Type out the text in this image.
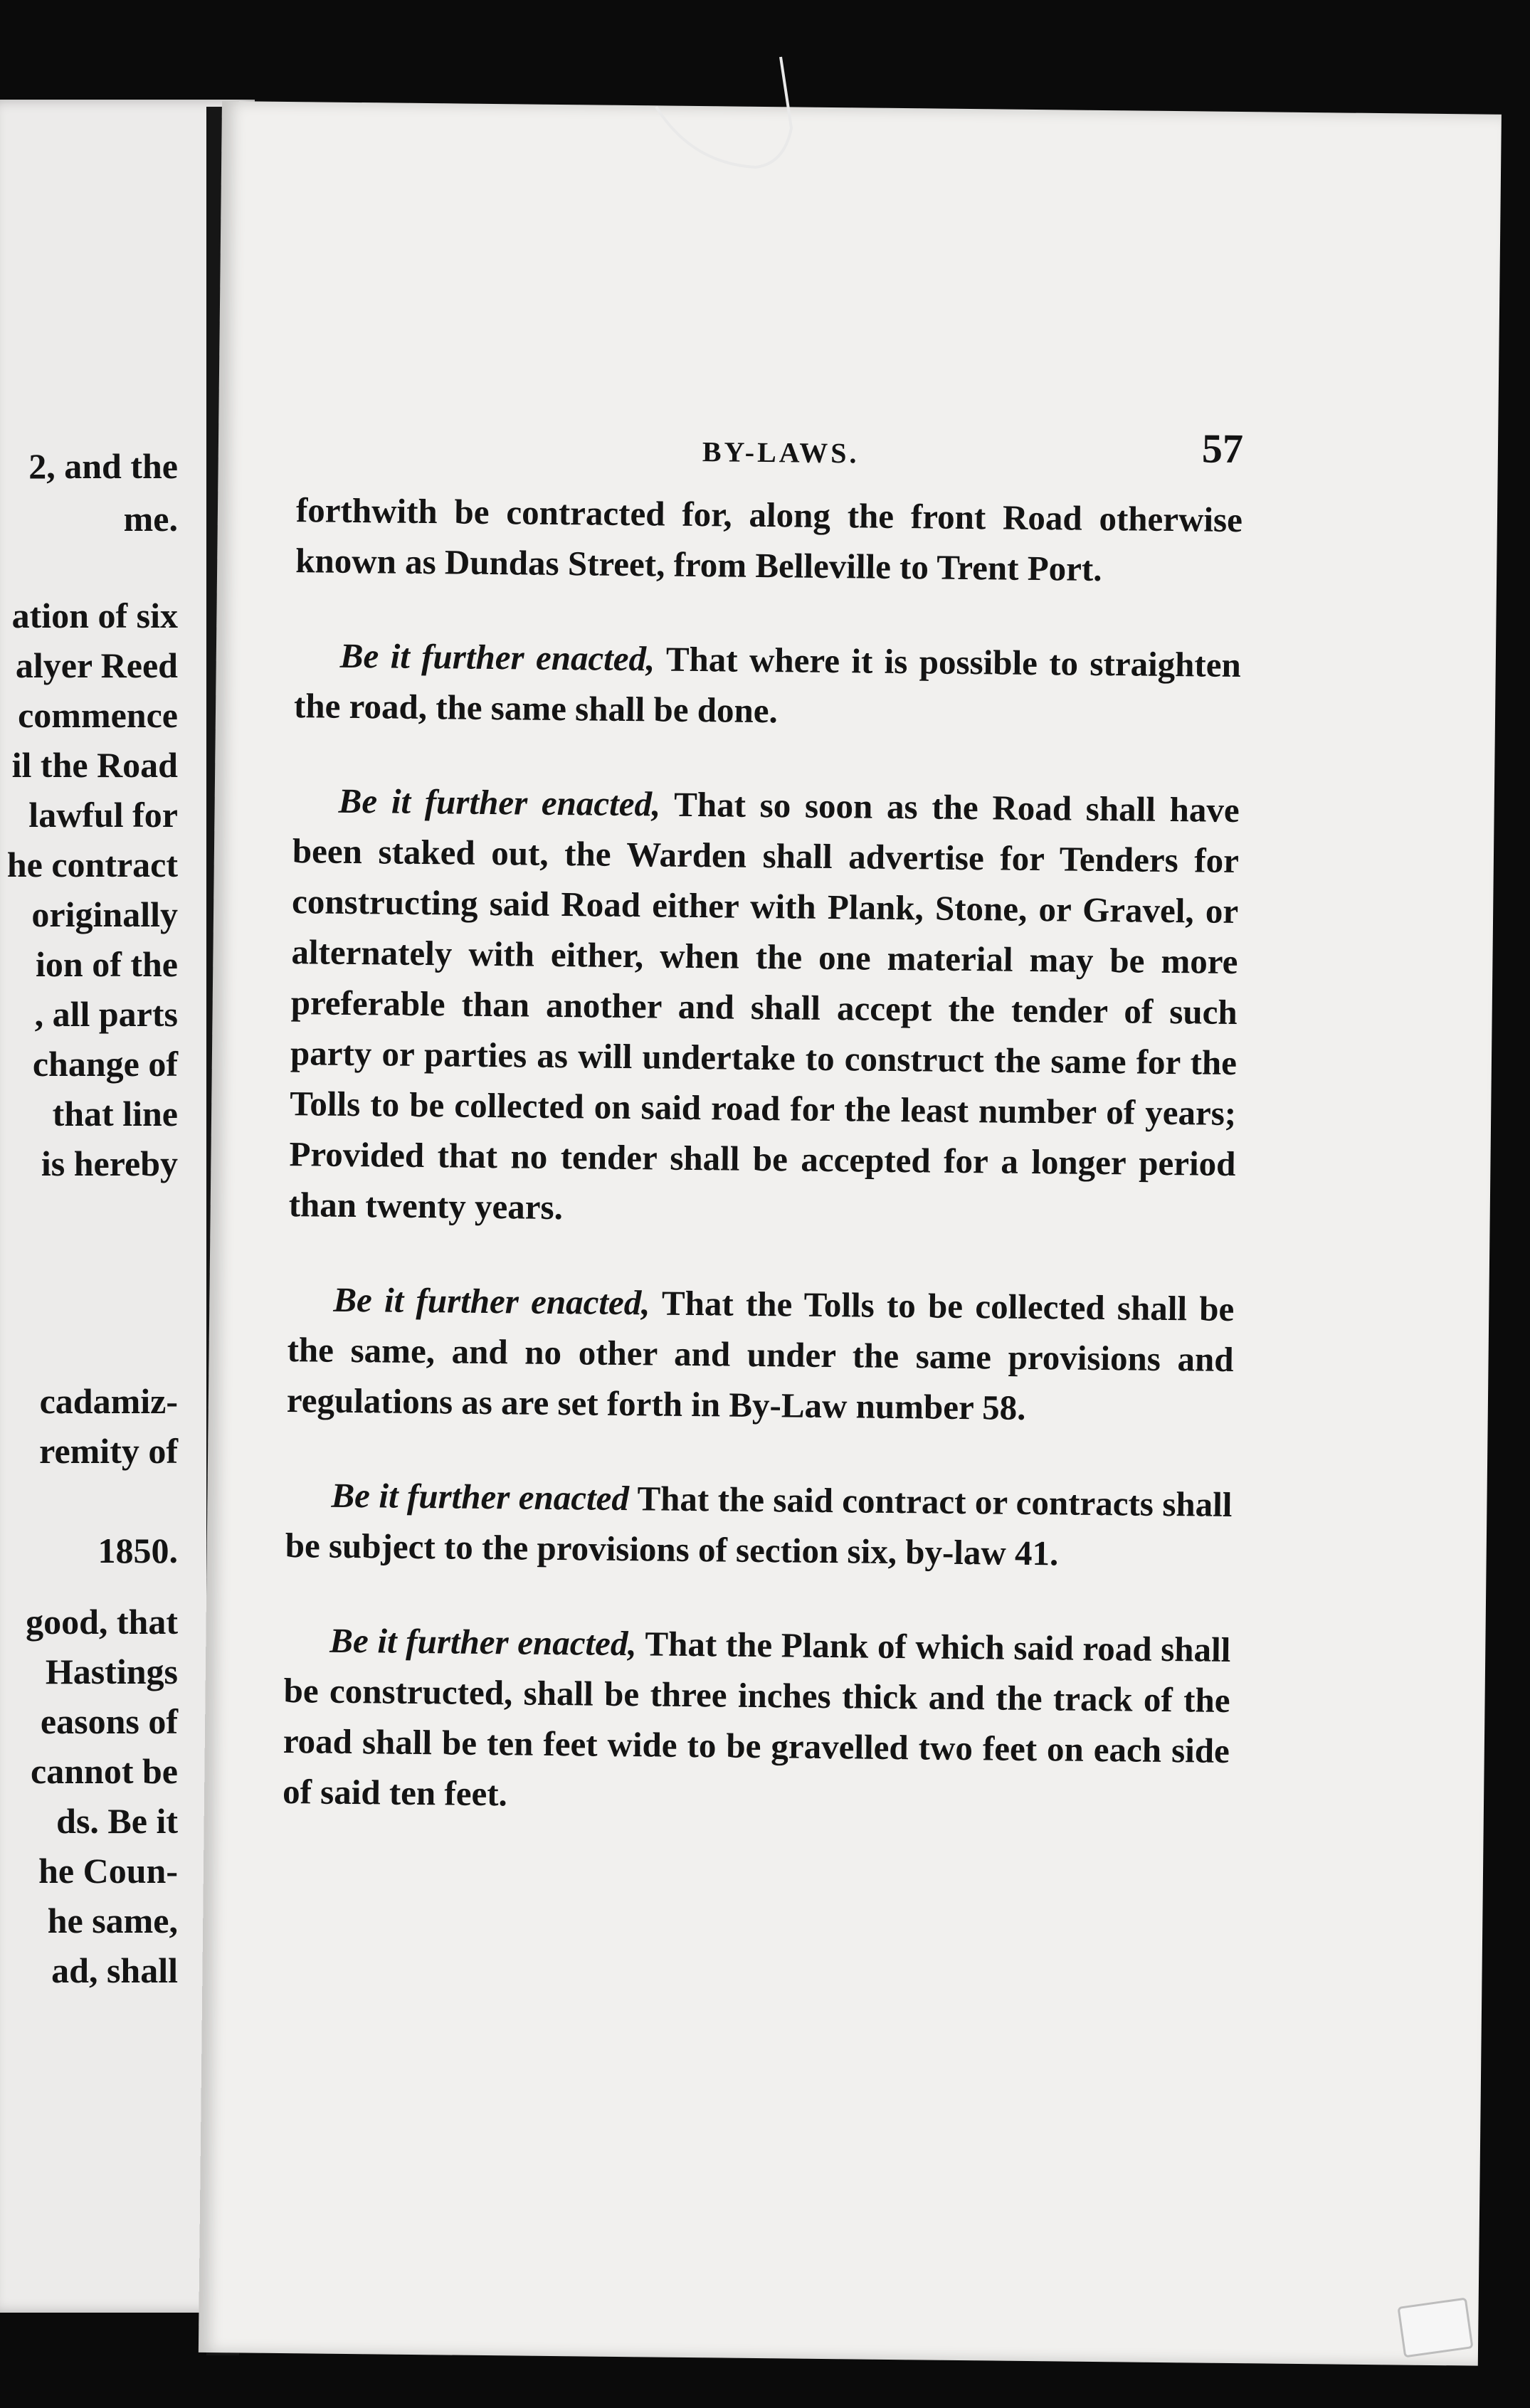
2, and the
me.
ation of six
alyer Reed
commence
il the Road
lawful for
he contract
originally
ion of the
, all parts
change of
that line
is hereby
cadamiz-
remity of
1850.
good, that
Hastings
easons of
cannot be
ds. Be it
he Coun-
he same,
ad, shall
BY-LAWS.	57

forthwith be contracted for, along the front Road otherwise known as Dundas Street, from Belleville to Trent Port.

Be it further enacted, That where it is possible to straighten the road, the same shall be done.

Be it further enacted, That so soon as the Road shall have been staked out, the Warden shall advertise for Tenders for constructing said Road either with Plank, Stone, or Gravel, or alternately with either, when the one material may be more preferable than another and shall accept the tender of such party or parties as will undertake to construct the same for the Tolls to be collected on said road for the least number of years; Provided that no tender shall be accepted for a longer period than twenty years.

Be it further enacted, That the Tolls to be collected shall be the same, and no other and under the same provisions and regulations as are set forth in By-Law number 58.

Be it further enacted That the said contract or contracts shall be subject to the provisions of section six, by-law 41.

Be it further enacted, That the Plank of which said road shall be constructed, shall be three inches thick and the track of the road shall be ten feet wide to be gravelled two feet on each side of said ten feet.
